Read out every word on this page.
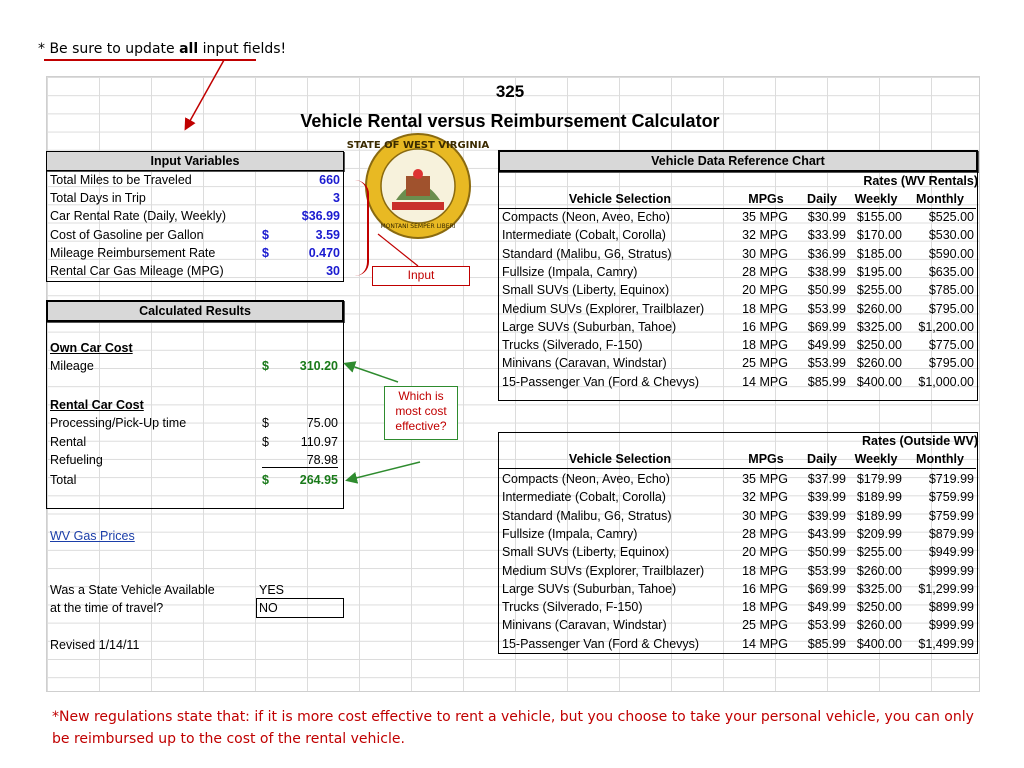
* Be sure to update all input fields!
325
Vehicle Rental versus Reimbursement Calculator
STATE OF WEST VIRGINIA
MONTANI SEMPER LIBERI
Input Variables
Total Miles to be Traveled	660
Total Days in Trip	3
Car Rental Rate (Daily, Weekly)	$36.99
Cost of Gasoline per Gallon	$	3.59
Mileage Reimbursement Rate	$	0.470
Rental Car Gas Mileage (MPG)	30	Input
Calculated Results
Own Car Cost
Mileage	$	310.20
Rental Car Cost
Processing/Pick-Up time	$	75.00
Rental	$	110.97
Refueling	78.98
Total	$	264.95
Which is most cost effective?
WV Gas Prices
Was a State Vehicle Available
at the time of travel?
YES
NO
Revised 1/14/11
Vehicle Data Reference Chart
Rates (WV Rentals)
Vehicle Selection	MPGs	Daily	Weekly	Monthly
Compacts (Neon, Aveo, Echo)	35 MPG	$30.99 $155.00	$525.00
Intermediate (Cobalt, Corolla)	32 MPG	$33.99 $170.00	$530.00
Standard (Malibu, G6, Stratus)	30 MPG	$36.99 $185.00	$590.00
Fullsize (Impala, Camry)	28 MPG	$38.99 $195.00	$635.00
Small SUVs (Liberty, Equinox)	20 MPG	$50.99 $255.00	$785.00
Medium SUVs (Explorer, Trailblazer)	18 MPG	$53.99 $260.00	$795.00
Large SUVs (Suburban, Tahoe)	16 MPG	$69.99 $325.00	$1,200.00
Trucks (Silverado, F-150)	18 MPG	$49.99 $250.00	$775.00
Minivans (Caravan, Windstar)	25 MPG	$53.99 $260.00	$795.00
15-Passenger Van (Ford & Chevys)	14 MPG	$85.99 $400.00	$1,000.00
Rates (Outside WV)
Vehicle Selection	MPGs	Daily	Weekly	Monthly
Compacts (Neon, Aveo, Echo)	35 MPG	$37.99 $179.99	$719.99
Intermediate (Cobalt, Corolla)	32 MPG	$39.99 $189.99	$759.99
Standard (Malibu, G6, Stratus)	30 MPG	$39.99 $189.99	$759.99
Fullsize (Impala, Camry)	28 MPG	$43.99 $209.99	$879.99
Small SUVs (Liberty, Equinox)	20 MPG	$50.99 $255.00	$949.99
Medium SUVs (Explorer, Trailblazer)	18 MPG	$53.99 $260.00	$999.99
Large SUVs (Suburban, Tahoe)	16 MPG	$69.99 $325.00	$1,299.99
Trucks (Silverado, F-150)	18 MPG	$49.99 $250.00	$899.99
Minivans (Caravan, Windstar)	25 MPG	$53.99 $260.00	$999.99
15-Passenger Van (Ford & Chevys)	14 MPG	$85.99 $400.00	$1,499.99
*New regulations state that: if it is more cost effective to rent a vehicle, but you choose to take your personal vehicle, you can only be reimbursed up to the cost of the rental vehicle.
